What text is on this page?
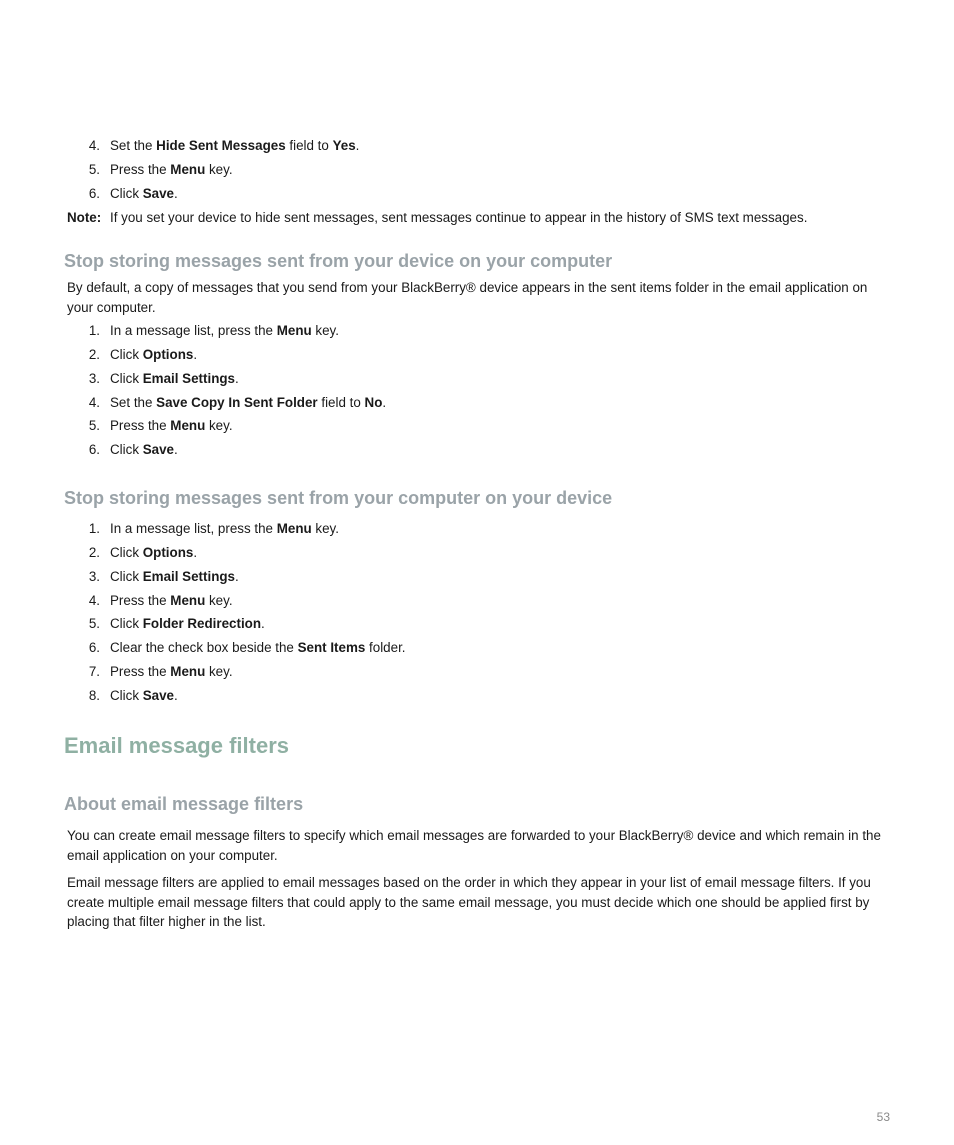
4. Set the Hide Sent Messages field to Yes.
5. Press the Menu key.
6. Click Save.
Note: If you set your device to hide sent messages, sent messages continue to appear in the history of SMS text messages.
Stop storing messages sent from your device on your computer
By default, a copy of messages that you send from your BlackBerry® device appears in the sent items folder in the email application on your computer.
1. In a message list, press the Menu key.
2. Click Options.
3. Click Email Settings.
4. Set the Save Copy In Sent Folder field to No.
5. Press the Menu key.
6. Click Save.
Stop storing messages sent from your computer on your device
1. In a message list, press the Menu key.
2. Click Options.
3. Click Email Settings.
4. Press the Menu key.
5. Click Folder Redirection.
6. Clear the check box beside the Sent Items folder.
7. Press the Menu key.
8. Click Save.
Email message filters
About email message filters
You can create email message filters to specify which email messages are forwarded to your BlackBerry® device and which remain in the email application on your computer.
Email message filters are applied to email messages based on the order in which they appear in your list of email message filters. If you create multiple email message filters that could apply to the same email message, you must decide which one should be applied first by placing that filter higher in the list.
53
